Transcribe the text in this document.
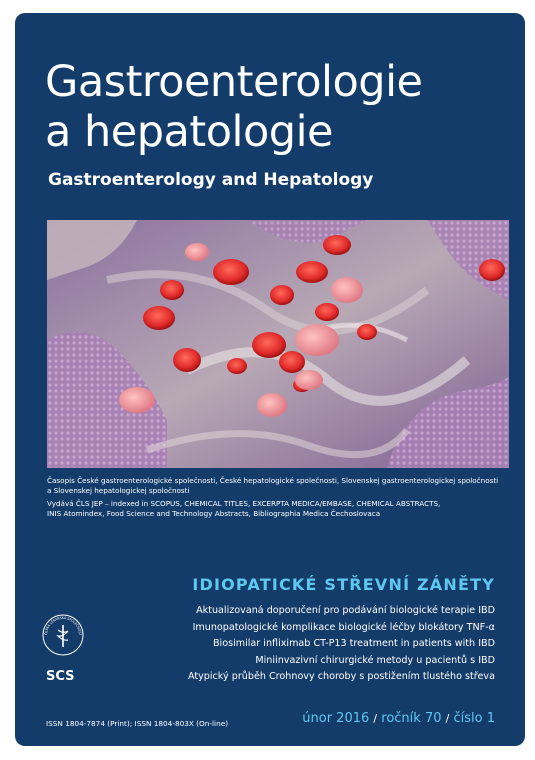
Gastroenterologie
a hepatologie
Gastroenterology and Hepatology
Časopis České gastroenterologické společnosti, České hepatologické společnosti, Slovenskej gastroenterologickej spoločnosti
a Slovenskej hepatologickej spoločnosti
Vydává ČLS JEP – indexed in SCOPUS, CHEMICAL TITLES, EXCERPTA MEDICA/EMBASE, CHEMICAL ABSTRACTS,
INIS Atomindex, Food Science and Technology Abstracts, Bibliographia Medica Čechoslovaca
IDIOPATICKÉ STŘEVNÍ ZÁNĚTY
Aktualizovaná doporučení pro podávání biologické terapie IBD
Imunopatologické komplikace biologické léčby blokátory TNF-α
Biosimilar infliximab CT-P13 treatment in patients with IBD
Miniinvazivní chirurgické metody u pacientů s IBD
Atypický průběh Crohnovy choroby s postižením tlustého střeva
ČESKÁ LÉKAŘSKÁ SPOLEČNOST
SCS
ISSN 1804-7874 (Print); ISSN 1804-803X (On-line)	únor 2016 / ročník 70 / číslo 1
